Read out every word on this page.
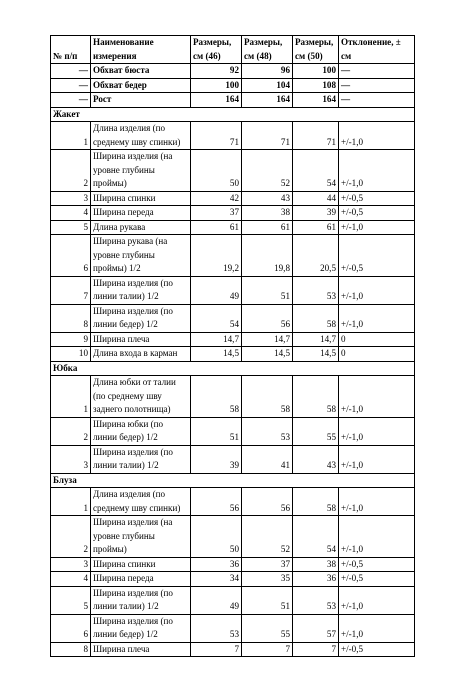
№ п/п	Наименование измерения	Размеры, см (46)	Размеры, см (48)	Размеры, см (50)	Отклонение, ± см
—	Обхват бюста	92	96	100	—
—	Обхват бедер	100	104	108	—
—	Рост	164	164	164	—
Жакет					
1	Длина изделия (по среднему шву спинки)	71	71	71	+/-1,0
2	Ширина изделия (на уровне глубины проймы)	50	52	54	+/-1,0
3	Ширина спинки	42	43	44	+/-0,5
4	Ширина переда	37	38	39	+/-0,5
5	Длина рукава	61	61	61	+/-1,0
6	Ширина рукава (на уровне глубины проймы) 1/2	19,2	19,8	20,5	+/-0,5
7	Ширина изделия (по линии талии) 1/2	49	51	53	+/-1,0
8	Ширина изделия (по линии бедер) 1/2	54	56	58	+/-1,0
9	Ширина плеча	14,7	14,7	14,7	0
10	Длина входа в карман	14,5	14,5	14,5	0
Юбка					
1	Длина юбки от талии (по среднему шву заднего полотнища)	58	58	58	+/-1,0
2	Ширина юбки (по линии бедер) 1/2	51	53	55	+/-1,0
3	Ширина изделия (по линии талии) 1/2	39	41	43	+/-1,0
Блуза					
1	Длина изделия (по среднему шву спинки)	56	56	58	+/-1,0
2	Ширина изделия (на уровне глубины проймы)	50	52	54	+/-1,0
3	Ширина спинки	36	37	38	+/-0,5
4	Ширина переда	34	35	36	+/-0,5
5	Ширина изделия (по линии талии) 1/2	49	51	53	+/-1,0
6	Ширина изделия (по линии бедер) 1/2	53	55	57	+/-1,0
8	Ширина плеча	7	7	7	+/-0,5
